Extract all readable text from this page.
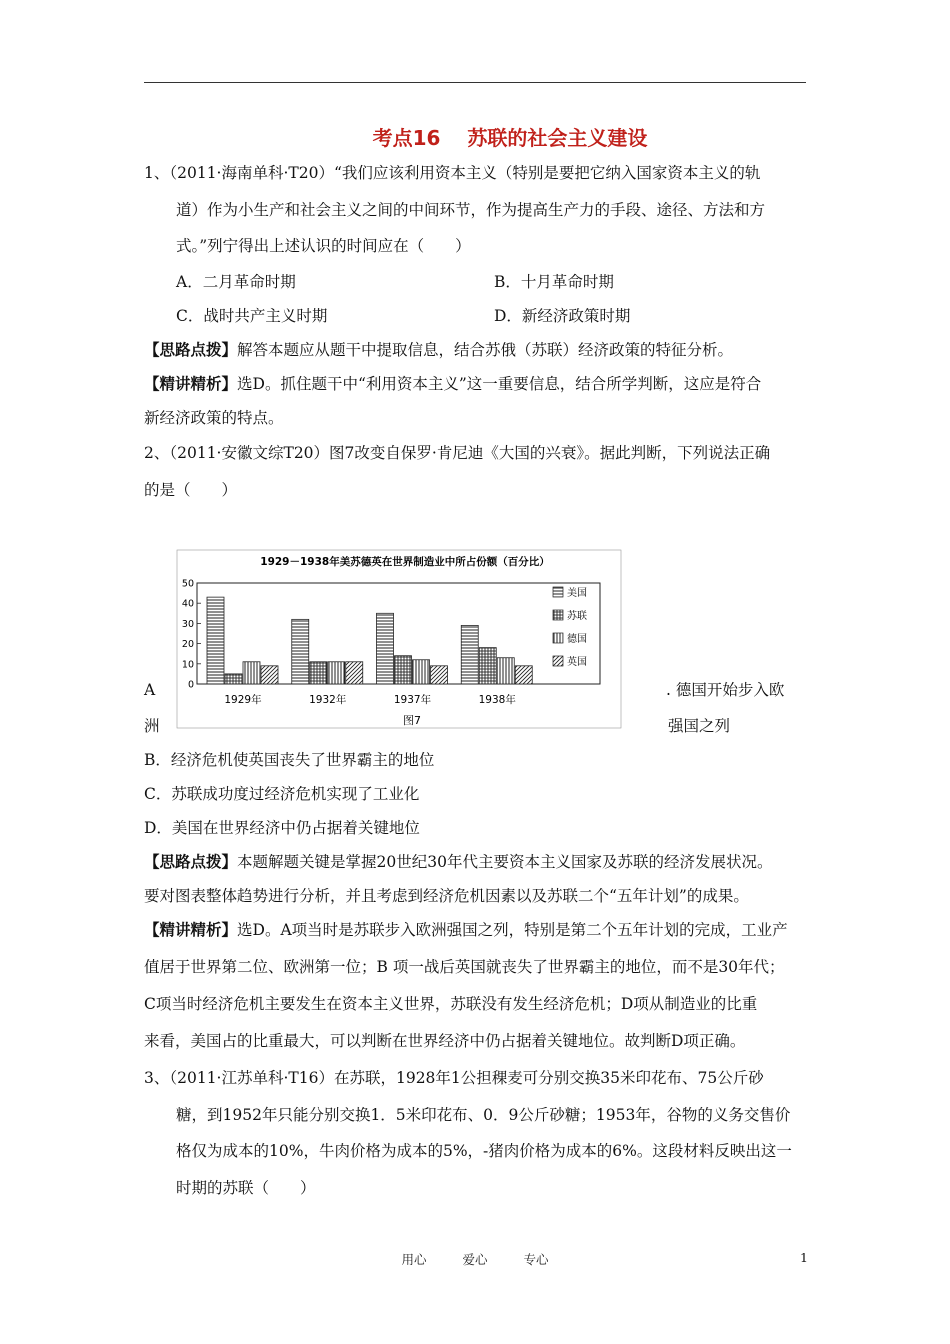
考点16　 苏联的社会主义建设
1、（2011·海南单科·T20）“我们应该利用资本主义（特别是要把它纳入国家资本主义的轨
道）作为小生产和社会主义之间的中间环节，作为提高生产力的手段、途径、方法和方
式。”列宁得出上述认识的时间应在（　　）
A．二月革命时期	B．十月革命时期
C．战时共产主义时期	D．新经济政策时期
【思路点拨】解答本题应从题干中提取信息，结合苏俄（苏联）经济政策的特征分析。
【精讲精析】选D。抓住题干中“利用资本主义”这一重要信息，结合所学判断，这应是符合
新经济政策的特点。
2、（2011·安徽文综T20）图7改变自保罗·肯尼迪《大国的兴衰》。据此判断，下列说法正确
的是（　　）
1929－1938年美苏德英在世界制造业中所占份额（百分比）
0
10
20
30
40
50
1929年	1932年	1937年	1938年
美国
苏联
德国
英国
图7
A	. 德国开始步入欧
洲	强国之列
B．经济危机使英国丧失了世界霸主的地位
C．苏联成功度过经济危机实现了工业化
D．美国在世界经济中仍占据着关键地位
【思路点拨】本题解题关键是掌握20世纪30年代主要资本主义国家及苏联的经济发展状况。
要对图表整体趋势进行分析，并且考虑到经济危机因素以及苏联二个“五年计划”的成果。
【精讲精析】选D。A项当时是苏联步入欧洲强国之列，特别是第二个五年计划的完成，工业产
值居于世界第二位、欧洲第一位；B 项一战后英国就丧失了世界霸主的地位，而不是30年代；
C项当时经济危机主要发生在资本主义世界，苏联没有发生经济危机；D项从制造业的比重
来看，美国占的比重最大，可以判断在世界经济中仍占据着关键地位。故判断D项正确。
3、（2011·江苏单科·T16）在苏联，1928年1公担稞麦可分别交换35米印花布、75公斤砂
糖，到1952年只能分别交换1．5米印花布、0．9公斤砂糖；1953年，谷物的义务交售价
格仅为成本的10%，牛肉价格为成本的5%，-猪肉价格为成本的6%。这段材料反映出这一
时期的苏联（　　）
用心	爱心	专心	1
